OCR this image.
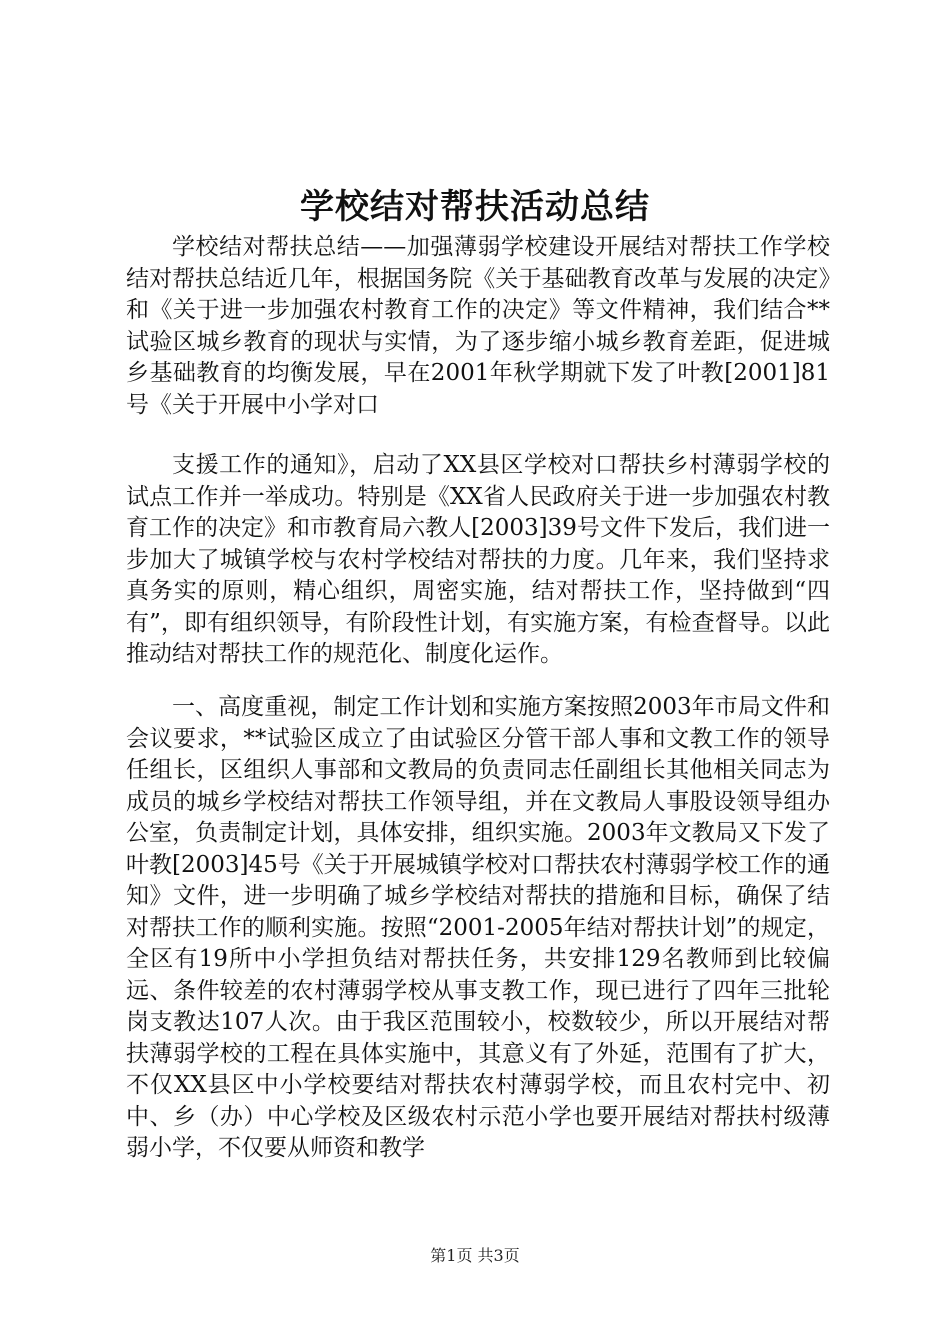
学校结对帮扶活动总结

学校结对帮扶总结——加强薄弱学校建设开展结对帮扶工作学校结对帮扶总结近几年，根据国务院《关于基础教育改革与发展的决定》和《关于进一步加强农村教育工作的决定》等文件精神，我们结合**试验区城乡教育的现状与实情，为了逐步缩小城乡教育差距，促进城乡基础教育的均衡发展，早在2001年秋学期就下发了叶教[2001]81号《关于开展中小学对口

支援工作的通知》，启动了XX县区学校对口帮扶乡村薄弱学校的试点工作并一举成功。特别是《XX省人民政府关于进一步加强农村教育工作的决定》和市教育局六教人[2003]39号文件下发后，我们进一步加大了城镇学校与农村学校结对帮扶的力度。几年来，我们坚持求真务实的原则，精心组织，周密实施，结对帮扶工作，坚持做到“四有”，即有组织领导，有阶段性计划，有实施方案，有检查督导。以此推动结对帮扶工作的规范化、制度化运作。

一、高度重视，制定工作计划和实施方案按照2003年市局文件和会议要求，**试验区成立了由试验区分管干部人事和文教工作的领导任组长，区组织人事部和文教局的负责同志任副组长其他相关同志为成员的城乡学校结对帮扶工作领导组，并在文教局人事股设领导组办公室，负责制定计划，具体安排，组织实施。2003年文教局又下发了叶教[2003]45号《关于开展城镇学校对口帮扶农村薄弱学校工作的通知》文件，进一步明确了城乡学校结对帮扶的措施和目标，确保了结对帮扶工作的顺利实施。按照“2001-2005年结对帮扶计划”的规定，全区有19所中小学担负结对帮扶任务，共安排129名教师到比较偏远、条件较差的农村薄弱学校从事支教工作，现已进行了四年三批轮岗支教达107人次。由于我区范围较小，校数较少，所以开展结对帮扶薄弱学校的工程在具体实施中，其意义有了外延，范围有了扩大，不仅XX县区中小学校要结对帮扶农村薄弱学校，而且农村完中、初中、乡（办）中心学校及区级农村示范小学也要开展结对帮扶村级薄弱小学，不仅要从师资和教学

第1页 共3页
